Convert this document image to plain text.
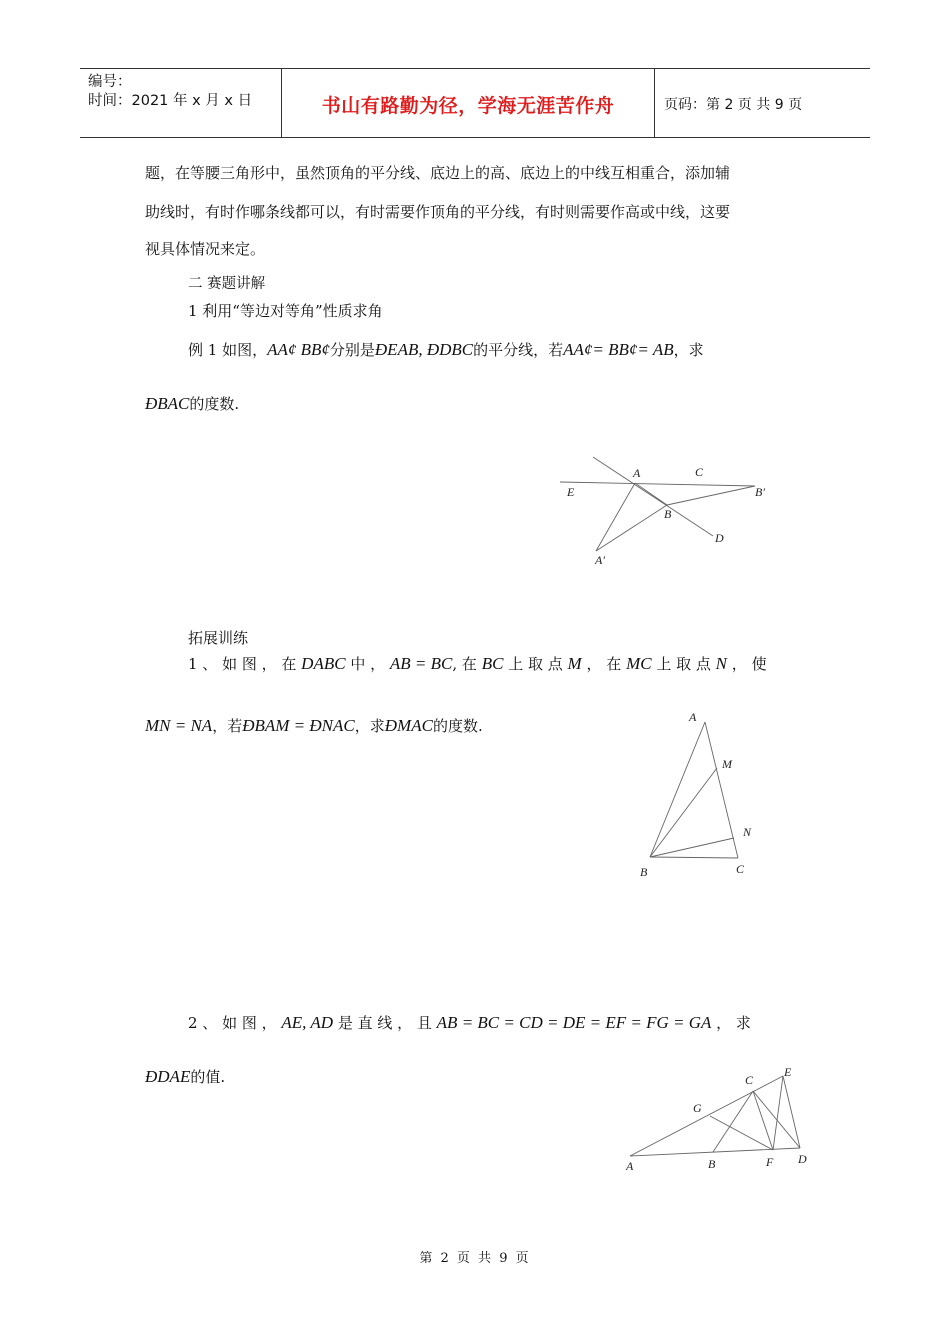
编号：
时间：2021 年 x 月 x 日	书山有路勤为径，学海无涯苦作舟	页码：第 2 页 共 9 页
题，在等腰三角形中，虽然顶角的平分线、底边上的高、底边上的中线互相重合，添加辅
助线时，有时作哪条线都可以，有时需要作顶角的平分线，有时则需要作高或中线，这要
视具体情况来定。
二 赛题讲解
1 利用“等边对等角”性质求角
例 1 如图，AA¢ BB¢分别是ÐEAB, ÐDBC的平分线，若AA¢= BB¢= AB，求
ÐBAC的度数.
A	C
E	B′
B
D
A′
拓展训练
1 、 如 图 ， 在 DABC 中 ， AB = BC, 在 BC 上 取 点 M ， 在 MC 上 取 点 N ， 使
MN = NA，若ÐBAM = ÐNAC，求ÐMAC的度数.	A
M
N
B	C
2 、 如 图 ， AE, AD 是 直 线 ， 且 AB = BC = CD = DE = EF = FG = GA ， 求
ÐDAE的值.	E
C
G
A	B	F D
第 2 页 共 9 页
